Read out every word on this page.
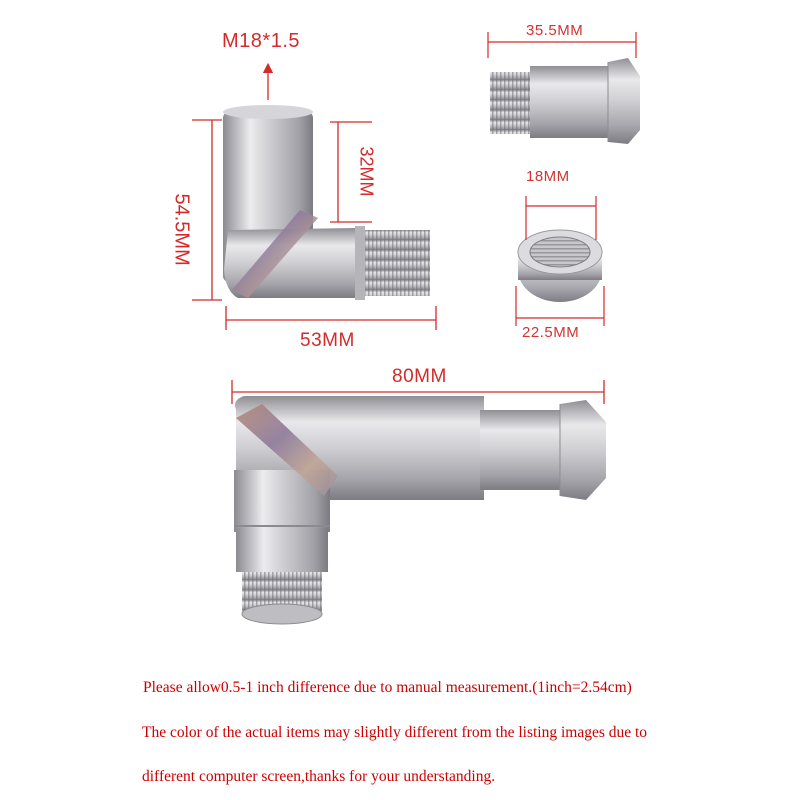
M18*1.5
54.5MM
32MM
53MM
35.5MM
18MM
22.5MM
80MM
Please allow0.5-1 inch difference due to manual measurement.(1inch=2.54cm)
The color of the actual items may slightly different from the listing images due to
different computer screen,thanks for your understanding.
